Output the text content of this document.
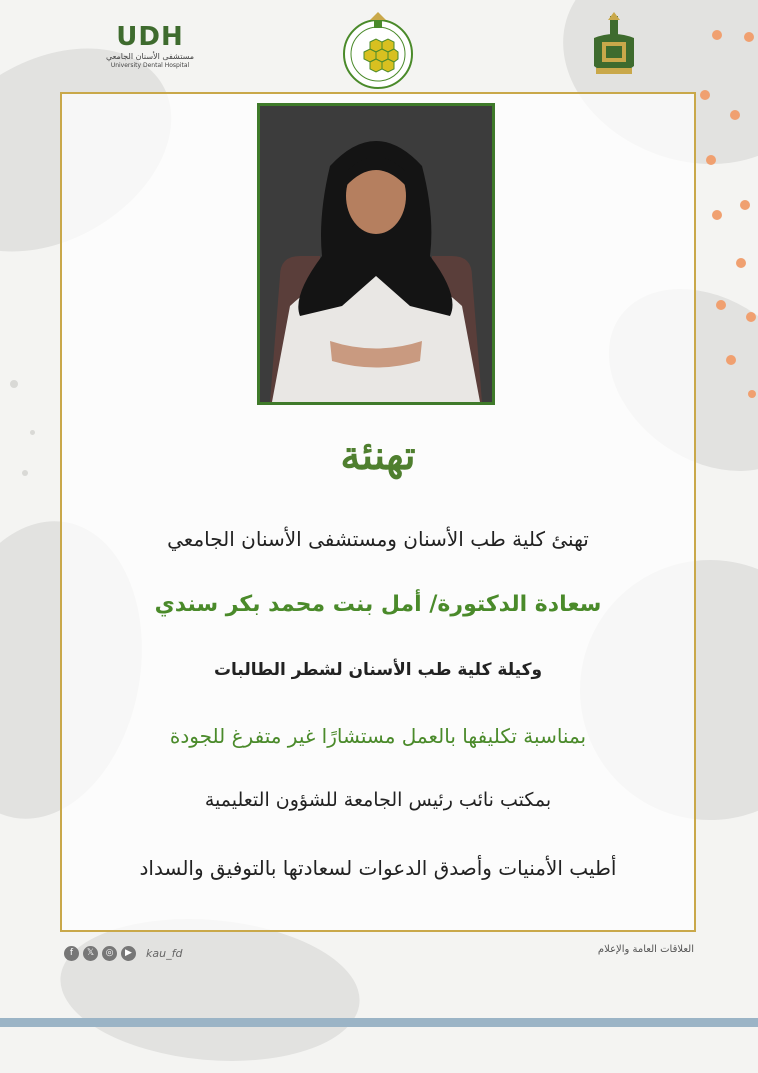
UDH
مستشفى الأسنان الجامعي
University Dental Hospital
تهنئة
تهنئ كلية طب الأسنان ومستشفى الأسنان الجامعي
سعادة الدكتورة/ أمل بنت محمد بكر سندي
وكيلة كلية طب الأسنان لشطر الطالبات
بمناسبة تكليفها بالعمل مستشارًا غير متفرغ للجودة
بمكتب نائب رئيس الجامعة للشؤون التعليمية
أطيب الأمنيات وأصدق الدعوات لسعادتها بالتوفيق والسداد
f	𝕏	◎	▶	kau_fd	العلاقات العامة والإعلام
